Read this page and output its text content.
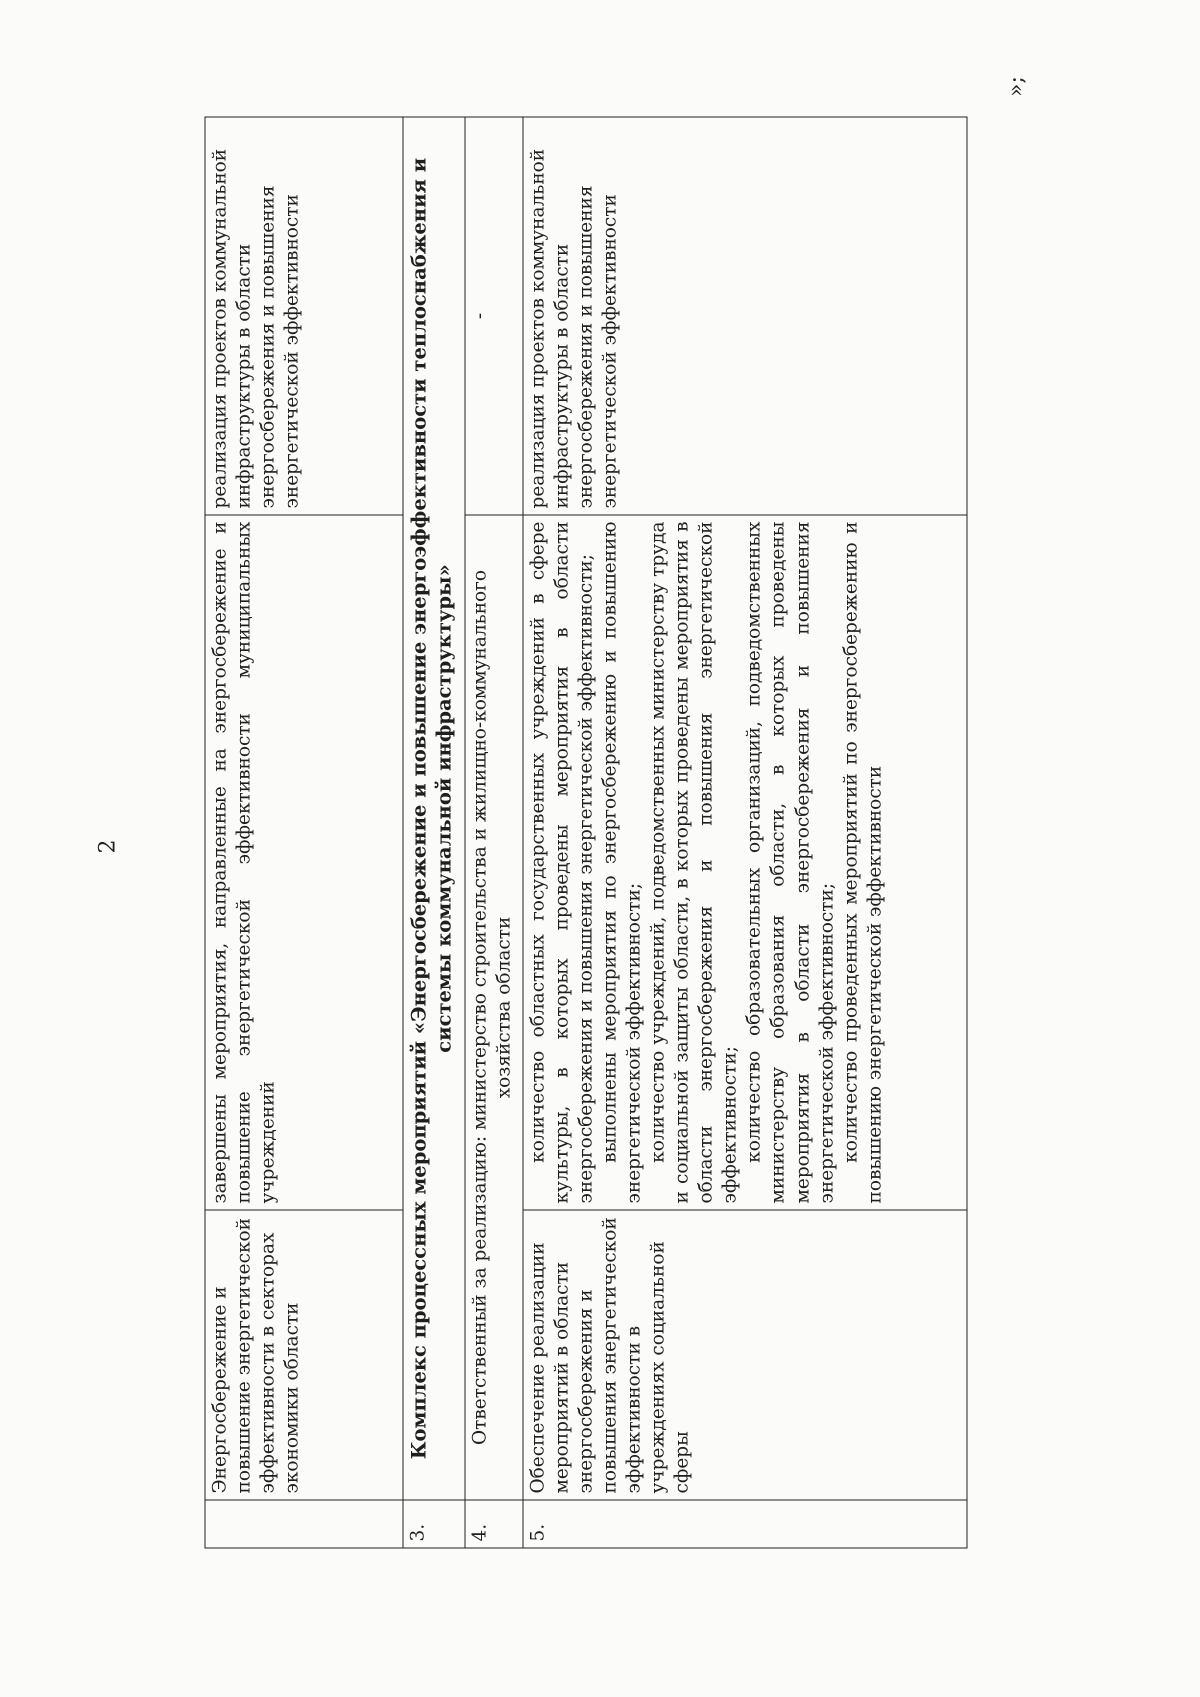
2
»;
	Энергосбережение и повышение энергетической эффективности в секторах экономики области	завершены мероприятия, направленные на энергосбережение и повышение энергетической эффективности муниципальных учреждений	реализация проектов коммунальной инфраструктуры в области энергосбережения и повышения энергетической эффективности
3.	Комплекс процессных мероприятий «Энергосбережение и повышение энергоэффективности теплоснабжения и системы коммунальной инфраструктуры»		
4.	Ответственный за реализацию: министерство строительства и жилищно-коммунального хозяйства области		-
5.	Обеспечение реализации мероприятий в области энергосбережения и повышения энергетической эффективности в учреждениях социальной сферы	количество областных государственных учреждений в сфере культуры, в которых проведены мероприятия в области энергосбережения и повышения энергетической эффективности; выполнены мероприятия по энергосбережению и повышению энергетической эффективности; количество учреждений, подведомственных министерству труда и социальной защиты области, в которых проведены мероприятия в области энергосбережения и повышения энергетической эффективности; количество образовательных организаций, подведомственных министерству образования области, в которых проведены мероприятия в области энергосбережения и повышения энергетической эффективности; количество проведенных мероприятий по энергосбережению и повышению энергетической эффективности	реализация проектов коммунальной инфраструктуры в области энергосбережения и повышения энергетической эффективности
